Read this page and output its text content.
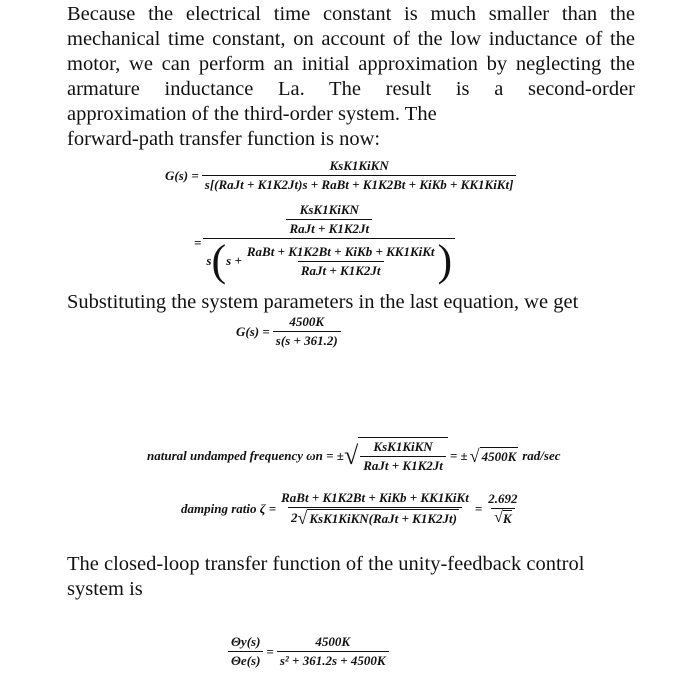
Because the electrical time constant is much smaller than the
mechanical time constant, on account of the low inductance of the
motor, we can perform an initial approximation by neglecting the
armature inductance La. The result is a second-order
approximation of the third-order system. The
forward-path transfer function is now:
$G(s) = \frac{\text{KsK1KiKN}}{\text{s[(RaJt + K1K2Jt)s + RaBt + K1K2Bt + KiKb + KK1KiKt]}}$
=
$\frac{\text{KsK1KiKN}}{\text{RaJt + K1K2Jt}}$
s ( $s + \frac{\text{RaBt + K1K2Bt + KiKb + KK1KiKt}}{\text{RaJt + K1K2Jt}}$ )
Substituting the system parameters in the last equation, we get
$G(s) = \frac{4500K}{s(s + 361.2)}$
natural undamped frequency ωn = ± √ $\frac{\text{KsK1KiKN}}{\text{RaJt + K1K2Jt}}$ = ± √ 4500K rad/sec
damping ratio $\zeta = \frac{\text{RaBt + K1K2Bt + KiKb + KK1KiKt}}{\text{2 √ KsK1KiKN(RaJt + K1K2Jt)}} = \frac{2.692}{√ K}$
The closed-loop transfer function of the unity-feedback control
system is
$\frac{\Theta y(s)}{\Theta e(s)} = \frac{4500K}{\text{s² + 361.2s + 4500K}}$
